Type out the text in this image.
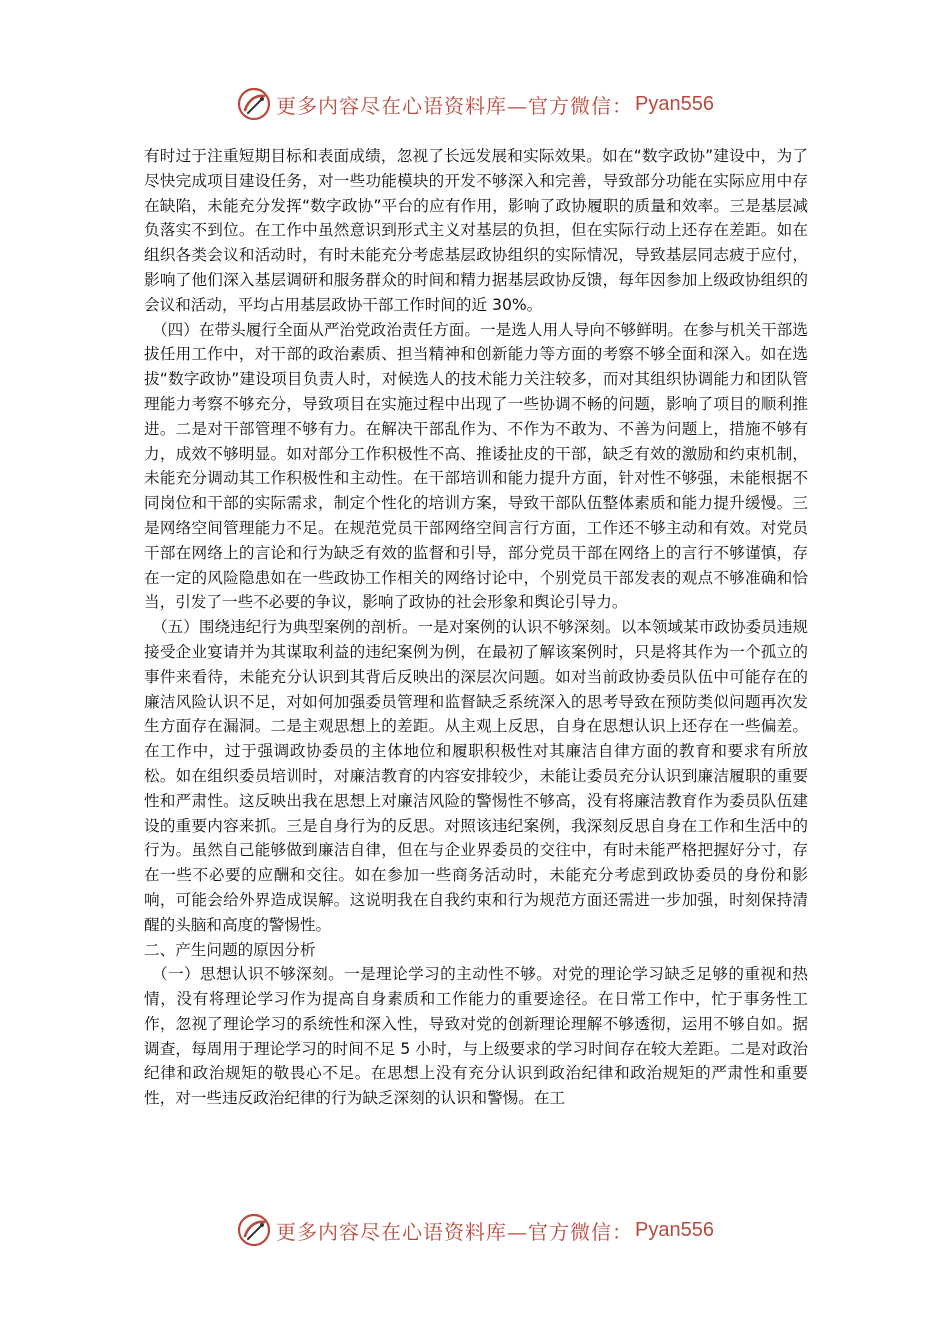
更多内容尽在心语资料库—官方微信： Pyan556

有时过于注重短期目标和表面成绩，忽视了长远发展和实际效果。如在“数字政协”建设中，为了尽快完成项目建设任务，对一些功能模块的开发不够深入和完善，导致部分功能在实际应用中存在缺陷，未能充分发挥“数字政协”平台的应有作用，影响了政协履职的质量和效率。三是基层减负落实不到位。在工作中虽然意识到形式主义对基层的负担，但在实际行动上还存在差距。如在组织各类会议和活动时，有时未能充分考虑基层政协组织的实际情况，导致基层同志疲于应付，影响了他们深入基层调研和服务群众的时间和精力据基层政协反馈，每年因参加上级政协组织的会议和活动，平均占用基层政协干部工作时间的近 30%。

（四）在带头履行全面从严治党政治责任方面。一是选人用人导向不够鲜明。在参与机关干部选拔任用工作中，对干部的政治素质、担当精神和创新能力等方面的考察不够全面和深入。如在选拔“数字政协”建设项目负责人时，对候选人的技术能力关注较多，而对其组织协调能力和团队管理能力考察不够充分，导致项目在实施过程中出现了一些协调不畅的问题，影响了项目的顺利推进。二是对干部管理不够有力。在解决干部乱作为、不作为不敢为、不善为问题上，措施不够有力，成效不够明显。如对部分工作积极性不高、推诿扯皮的干部，缺乏有效的激励和约束机制，未能充分调动其工作积极性和主动性。在干部培训和能力提升方面，针对性不够强，未能根据不同岗位和干部的实际需求，制定个性化的培训方案，导致干部队伍整体素质和能力提升缓慢。三是网络空间管理能力不足。在规范党员干部网络空间言行方面，工作还不够主动和有效。对党员干部在网络上的言论和行为缺乏有效的监督和引导，部分党员干部在网络上的言行不够谨慎，存在一定的风险隐患如在一些政协工作相关的网络讨论中，个别党员干部发表的观点不够准确和恰当，引发了一些不必要的争议，影响了政协的社会形象和舆论引导力。

（五）围绕违纪行为典型案例的剖析。一是对案例的认识不够深刻。以本领域某市政协委员违规接受企业宴请并为其谋取利益的违纪案例为例，在最初了解该案例时，只是将其作为一个孤立的事件来看待，未能充分认识到其背后反映出的深层次问题。如对当前政协委员队伍中可能存在的廉洁风险认识不足，对如何加强委员管理和监督缺乏系统深入的思考导致在预防类似问题再次发生方面存在漏洞。二是主观思想上的差距。从主观上反思，自身在思想认识上还存在一些偏差。在工作中，过于强调政协委员的主体地位和履职积极性对其廉洁自律方面的教育和要求有所放松。如在组织委员培训时，对廉洁教育的内容安排较少，未能让委员充分认识到廉洁履职的重要性和严肃性。这反映出我在思想上对廉洁风险的警惕性不够高，没有将廉洁教育作为委员队伍建设的重要内容来抓。三是自身行为的反思。对照该违纪案例，我深刻反思自身在工作和生活中的行为。虽然自己能够做到廉洁自律，但在与企业界委员的交往中，有时未能严格把握好分寸，存在一些不必要的应酬和交往。如在参加一些商务活动时，未能充分考虑到政协委员的身份和影响，可能会给外界造成误解。这说明我在自我约束和行为规范方面还需进一步加强，时刻保持清醒的头脑和高度的警惕性。

二、产生问题的原因分析

（一）思想认识不够深刻。一是理论学习的主动性不够。对党的理论学习缺乏足够的重视和热情，没有将理论学习作为提高自身素质和工作能力的重要途径。在日常工作中，忙于事务性工作，忽视了理论学习的系统性和深入性，导致对党的创新理论理解不够透彻，运用不够自如。据调查，每周用于理论学习的时间不足 5 小时，与上级要求的学习时间存在较大差距。二是对政治纪律和政治规矩的敬畏心不足。在思想上没有充分认识到政治纪律和政治规矩的严肃性和重要性，对一些违反政治纪律的行为缺乏深刻的认识和警惕。在工

更多内容尽在心语资料库—官方微信： Pyan556
